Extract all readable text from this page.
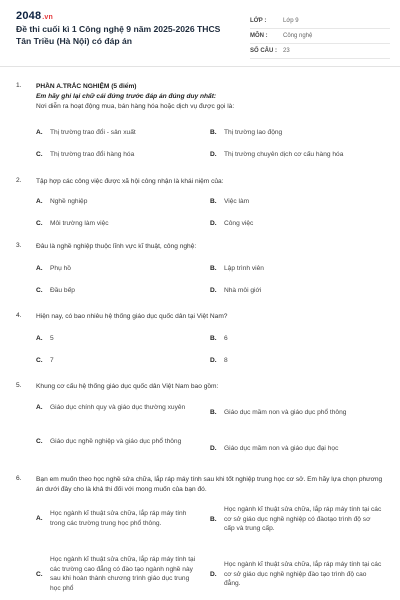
2048.vn
Đề thi cuối kì 1 Công nghệ 9 năm 2025-2026 THCS Tân Triều (Hà Nội) có đáp án
LỚP :	Lớp 9
MÔN :	Công nghệ
SỐ CÂU :	23
1.	PHẦN A.TRẮC NGHIỆM (5 điểm)
Em hãy ghi lại chữ cái đứng trước đáp án đúng duy nhất:
Nơi diễn ra hoạt động mua, bán hàng hóa hoặc dịch vụ được gọi là:
A.	Thị trường trao đổi - sản xuất	B.	Thị trường lao động
C.	Thị trường trao đổi hàng hóa	D.	Thị trường chuyên dịch cơ cấu hàng hóa
2.	Tập hợp các công việc được xã hội công nhận là khái niệm của:
A.	Nghề nghiệp	B.	Việc làm
C.	Môi trường làm việc	D.	Công việc
3.	Đâu là nghề nghiệp thuộc lĩnh vực kĩ thuật, công nghệ:
A.	Phụ hồ	B.	Lập trình viên
C.	Đầu bếp	D.	Nhà môi giới
4.	Hiện nay, có bao nhiêu hệ thống giáo dục quốc dân tại Việt Nam?
A.	5	B.	6
C.	7	D.	8
5.	Khung cơ cấu hệ thống giáo dục quốc dân Việt Nam bao gồm:
A.	Giáo dục chính quy và giáo dục thường xuyên
B.	Giáo dục mầm non và giáo dục phổ thông
C.	Giáo dục nghề nghiệp và giáo dục phổ thông
D.	Giáo dục mầm non và giáo dục đại học
6.	Bạn em muốn theo học nghề sửa chữa, lắp ráp máy tính sau khi tốt nghiệp trung học cơ sở. Em hãy lựa chọn phương án dưới đây cho là khả thi đối với mong muốn của bạn đó.
A.
Học ngành kĩ thuật sửa chữa, lắp ráp máy tính trong các trường trung học phổ thông.
B.
Học ngành kĩ thuật sửa chữa, lắp ráp máy tính tại các cơ sở giáo dục nghề nghiệp có đàotạo trình độ sơ cấp và trung cấp.
C.
Học ngành kĩ thuật sửa chữa, lắp ráp máy tính tại các trường cao đẳng có đào tạo ngành nghề này sau khi hoàn thành chương trình giáo dục trung học phổ
D.
Học ngành kĩ thuật sửa chữa, lắp ráp máy tính tại các cơ sở giáo dục nghề nghiệp đào tạo trình độ cao đẳng.
